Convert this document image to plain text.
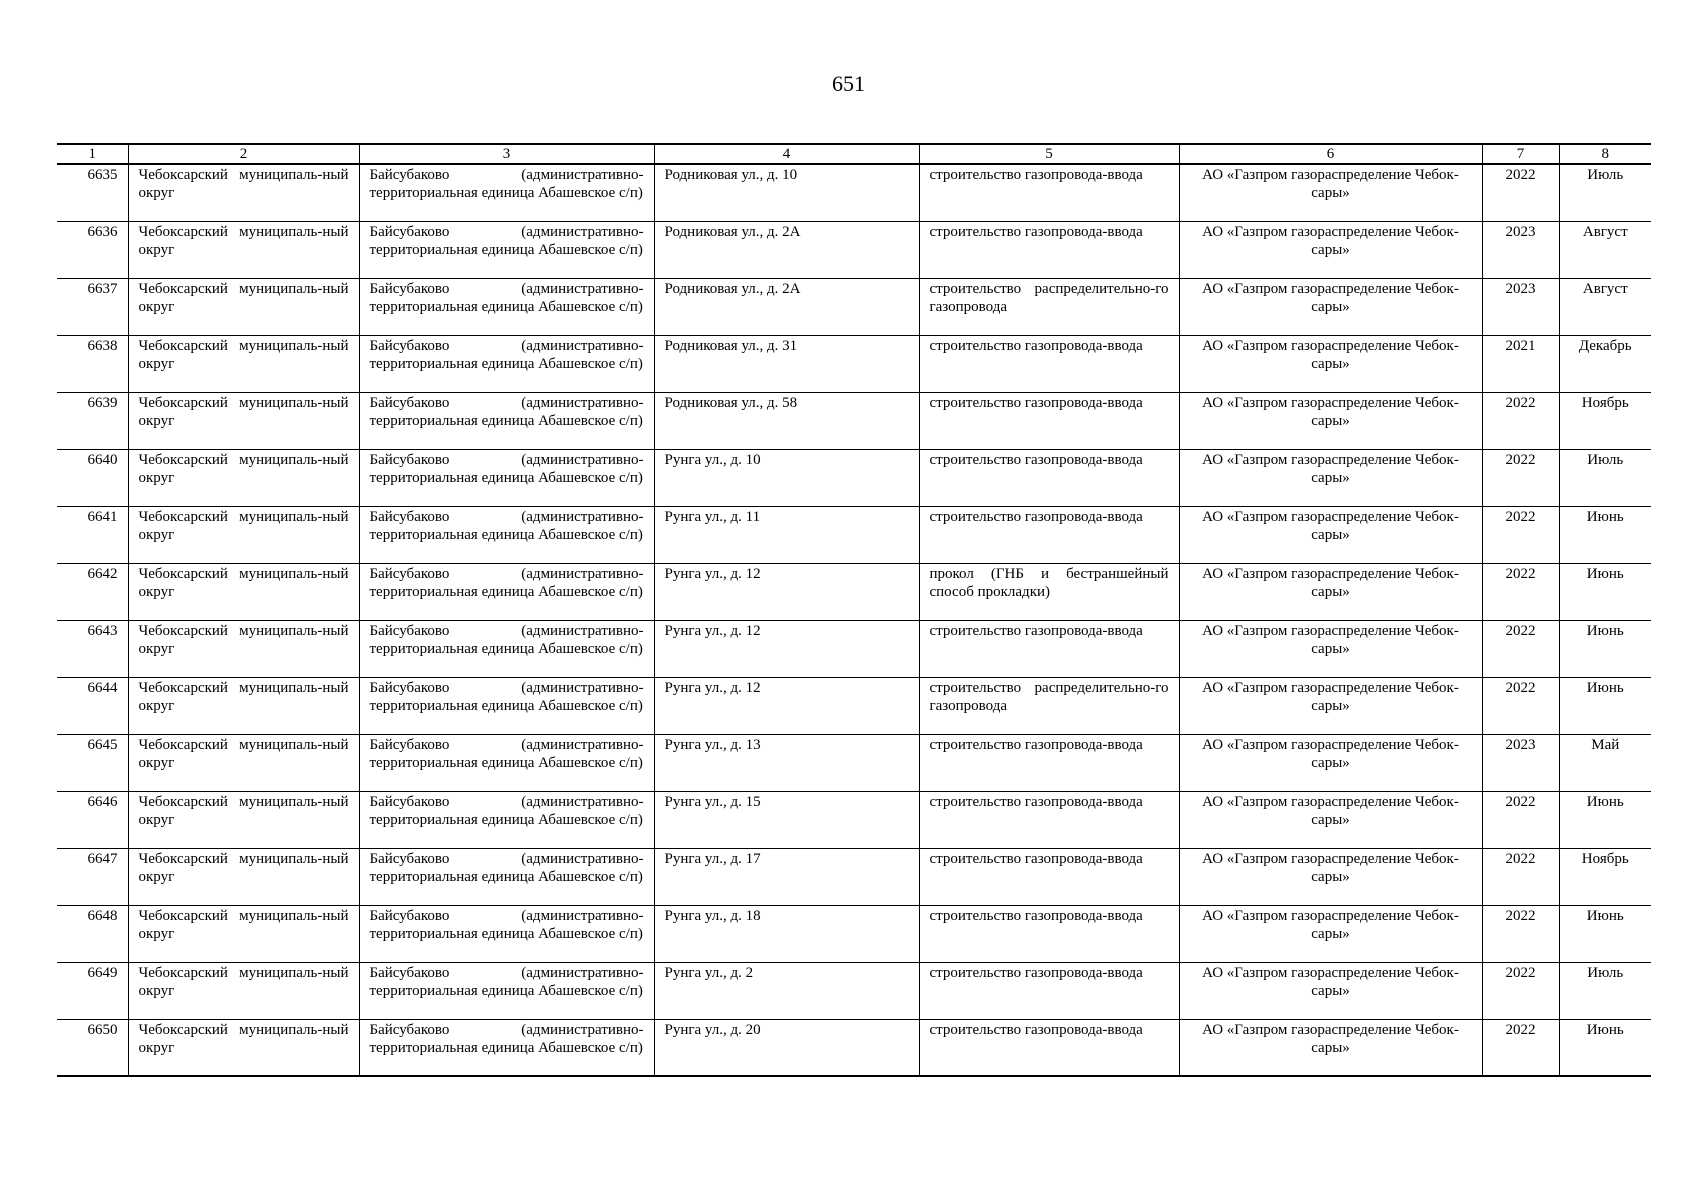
651
1	2	3	4	5	6	7	8
6635	Чебоксарский муниципаль-ный округ	Байсубаково (административно-территориальная единица Абашевское с/п)	Родниковая ул., д. 10	строительство газопровода-ввода	АО «Газпром газораспределение Чебок-сары»	2022	Июль
6636	Чебоксарский муниципаль-ный округ	Байсубаково (административно-территориальная единица Абашевское с/п)	Родниковая ул., д. 2А	строительство газопровода-ввода	АО «Газпром газораспределение Чебок-сары»	2023	Август
6637	Чебоксарский муниципаль-ный округ	Байсубаково (административно-территориальная единица Абашевское с/п)	Родниковая ул., д. 2А	строительство распределительно-го газопровода	АО «Газпром газораспределение Чебок-сары»	2023	Август
6638	Чебоксарский муниципаль-ный округ	Байсубаково (административно-территориальная единица Абашевское с/п)	Родниковая ул., д. 31	строительство газопровода-ввода	АО «Газпром газораспределение Чебок-сары»	2021	Декабрь
6639	Чебоксарский муниципаль-ный округ	Байсубаково (административно-территориальная единица Абашевское с/п)	Родниковая ул., д. 58	строительство газопровода-ввода	АО «Газпром газораспределение Чебок-сары»	2022	Ноябрь
6640	Чебоксарский муниципаль-ный округ	Байсубаково (административно-территориальная единица Абашевское с/п)	Рунга ул., д. 10	строительство газопровода-ввода	АО «Газпром газораспределение Чебок-сары»	2022	Июль
6641	Чебоксарский муниципаль-ный округ	Байсубаково (административно-территориальная единица Абашевское с/п)	Рунга ул., д. 11	строительство газопровода-ввода	АО «Газпром газораспределение Чебок-сары»	2022	Июнь
6642	Чебоксарский муниципаль-ный округ	Байсубаково (административно-территориальная единица Абашевское с/п)	Рунга ул., д. 12	прокол (ГНБ и бестраншейный способ прокладки)	АО «Газпром газораспределение Чебок-сары»	2022	Июнь
6643	Чебоксарский муниципаль-ный округ	Байсубаково (административно-территориальная единица Абашевское с/п)	Рунга ул., д. 12	строительство газопровода-ввода	АО «Газпром газораспределение Чебок-сары»	2022	Июнь
6644	Чебоксарский муниципаль-ный округ	Байсубаково (административно-территориальная единица Абашевское с/п)	Рунга ул., д. 12	строительство распределительно-го газопровода	АО «Газпром газораспределение Чебок-сары»	2022	Июнь
6645	Чебоксарский муниципаль-ный округ	Байсубаково (административно-территориальная единица Абашевское с/п)	Рунга ул., д. 13	строительство газопровода-ввода	АО «Газпром газораспределение Чебок-сары»	2023	Май
6646	Чебоксарский муниципаль-ный округ	Байсубаково (административно-территориальная единица Абашевское с/п)	Рунга ул., д. 15	строительство газопровода-ввода	АО «Газпром газораспределение Чебок-сары»	2022	Июнь
6647	Чебоксарский муниципаль-ный округ	Байсубаково (административно-территориальная единица Абашевское с/п)	Рунга ул., д. 17	строительство газопровода-ввода	АО «Газпром газораспределение Чебок-сары»	2022	Ноябрь
6648	Чебоксарский муниципаль-ный округ	Байсубаково (административно-территориальная единица Абашевское с/п)	Рунга ул., д. 18	строительство газопровода-ввода	АО «Газпром газораспределение Чебок-сары»	2022	Июнь
6649	Чебоксарский муниципаль-ный округ	Байсубаково (административно-территориальная единица Абашевское с/п)	Рунга ул., д. 2	строительство газопровода-ввода	АО «Газпром газораспределение Чебок-сары»	2022	Июль
6650	Чебоксарский муниципаль-ный округ	Байсубаково (административно-территориальная единица Абашевское с/п)	Рунга ул., д. 20	строительство газопровода-ввода	АО «Газпром газораспределение Чебок-сары»	2022	Июнь
